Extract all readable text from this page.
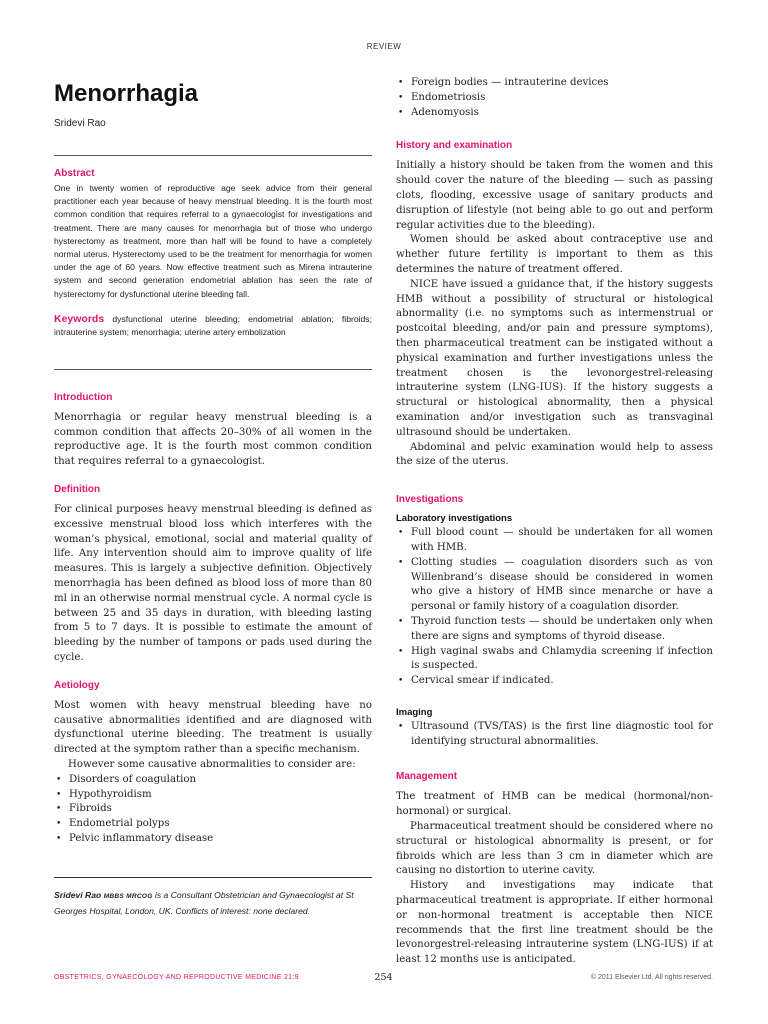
REVIEW
Menorrhagia
Sridevi Rao
Abstract

One in twenty women of reproductive age seek advice from their general practitioner each year because of heavy menstrual bleeding. It is the fourth most common condition that requires referral to a gynaecologist for investigations and treatment. There are many causes for menorrhagia but of those who undergo hysterectomy as treatment, more than half will be found to have a completely normal uterus. Hysterectomy used to be the treatment for menorrhagia for women under the age of 60 years. Now effective treatment such as Mirena intrauterine system and second generation endometrial ablation has seen the rate of hysterectomy for dysfunctional uterine bleeding fall.

Keywords dysfunctional uterine bleeding; endometrial ablation; fibroids; intrauterine system; menorrhagia; uterine artery embolization
Introduction

Menorrhagia or regular heavy menstrual bleeding is a common condition that affects 20–30% of all women in the reproductive age. It is the fourth most common condition that requires referral to a gynaecologist.

Definition

For clinical purposes heavy menstrual bleeding is defined as excessive menstrual blood loss which interferes with the woman’s physical, emotional, social and material quality of life. Any intervention should aim to improve quality of life measures. This is largely a subjective definition. Objectively menorrhagia has been defined as blood loss of more than 80 ml in an otherwise normal menstrual cycle. A normal cycle is between 25 and 35 days in duration, with bleeding lasting from 5 to 7 days. It is possible to estimate the amount of bleeding by the number of tampons or pads used during the cycle.

Aetiology

Most women with heavy menstrual bleeding have no causative abnormalities identified and are diagnosed with dysfunctional uterine bleeding. The treatment is usually directed at the symptom rather than a specific mechanism.

However some causative abnormalities to consider are:

• Disorders of coagulation
• Hypothyroidism
• Fibroids
• Endometrial polyps
• Pelvic inflammatory disease

Sridevi Rao MBBS MRCOG is a Consultant Obstetrician and Gynaecologist at St Georges Hospital, London, UK. Conflicts of interest: none declared.

• Foreign bodies — intrauterine devices
• Endometriosis
• Adenomyosis
History and examination

Initially a history should be taken from the women and this should cover the nature of the bleeding — such as passing clots, flooding, excessive usage of sanitary products and disruption of lifestyle (not being able to go out and perform regular activities due to the bleeding).

Women should be asked about contraceptive use and whether future fertility is important to them as this determines the nature of treatment offered.

NICE have issued a guidance that, if the history suggests HMB without a possibility of structural or histological abnormality (i.e. no symptoms such as intermenstrual or postcoital bleeding, and/or pain and pressure symptoms), then pharmaceutical treatment can be instigated without a physical examination and further investigations unless the treatment chosen is the levonorgestrel-releasing intrauterine system (LNG-IUS). If the history suggests a structural or histological abnormality, then a physical examination and/or investigation such as transvaginal ultrasound should be undertaken.

Abdominal and pelvic examination would help to assess the size of the uterus.

Investigations
Laboratory investigations
• Full blood count — should be undertaken for all women with HMB.
• Clotting studies — coagulation disorders such as von Willenbrand’s disease should be considered in women who give a history of HMB since menarche or have a personal or family history of a coagulation disorder.
• Thyroid function tests — should be undertaken only when there are signs and symptoms of thyroid disease.
• High vaginal swabs and Chlamydia screening if infection is suspected.
• Cervical smear if indicated.
Imaging
• Ultrasound (TVS/TAS) is the first line diagnostic tool for identifying structural abnormalities.
Management

The treatment of HMB can be medical (hormonal/non-hormonal) or surgical.

Pharmaceutical treatment should be considered where no structural or histological abnormality is present, or for fibroids which are less than 3 cm in diameter which are causing no distortion to uterine cavity.

History and investigations may indicate that pharmaceutical treatment is appropriate. If either hormonal or non-hormonal treatment is acceptable then NICE recommends that the first line treatment should be the levonorgestrel-releasing intrauterine system (LNG-IUS) if at least 12 months use is anticipated.

OBSTETRICS, GYNAECOLOGY AND REPRODUCTIVE MEDICINE 21:9	254	© 2011 Elsevier Ltd. All rights reserved.
